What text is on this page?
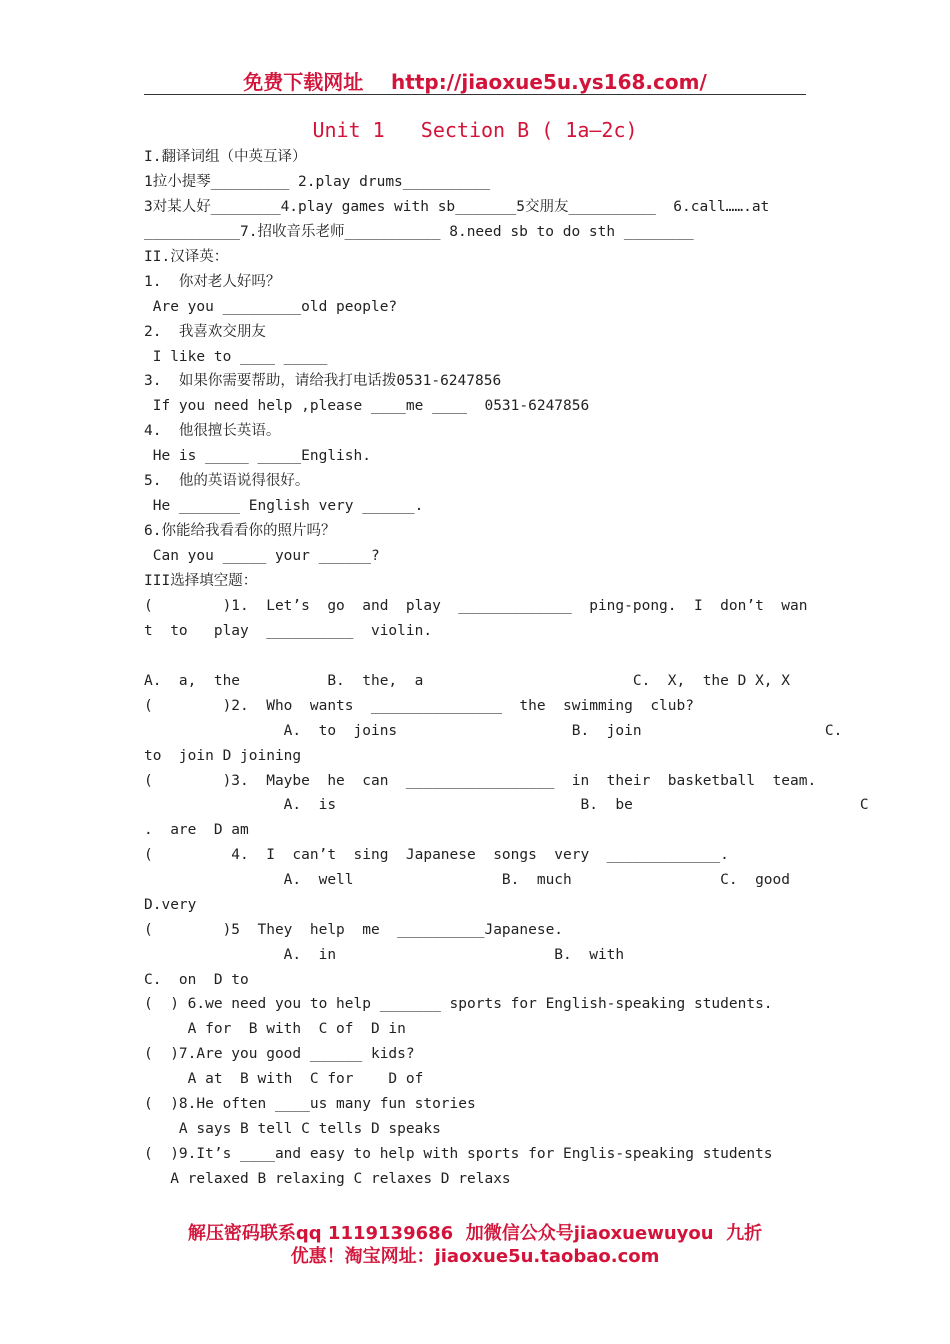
免费下载网址    http://jiaoxue5u.ys168.com/
Unit 1   Section B ( 1a—2c)
I.翻译词组（中英互译）
1拉小提琴_________ 2.play drums__________
3对某人好________4.play games with sb_______5交朋友__________  6.call…….at
___________7.招收音乐老师___________ 8.need sb to do sth ________
II.汉译英：
1.  你对老人好吗？
Are you _________old people?
2.  我喜欢交朋友
I like to ____ _____
3.  如果你需要帮助，请给我打电话拨0531-6247856
If you need help ,please ____me ____  0531-6247856
4.  他很擅长英语。
He is _____ _____English.
5.  他的英语说得很好。
He _______ English very ______.
6.你能给我看看你的照片吗？
Can you _____ your ______?
III选择填空题：
(        )1.  Let’s  go  and  play  _____________  ping-pong.  I  don’t  wan
t  to   play  __________  violin.
A.  a,  the          B.  the,  a                        C.  X,  the D X, X
(        )2.  Who  wants  _______________  the  swimming  club?
A.  to  joins                    B.  join                     C.
to  join D joining
(        )3.  Maybe  he  can  _________________  in  their  basketball  team.
A.  is                            B.  be                          C
.  are  D am
(         4.  I  can’t  sing  Japanese  songs  very  _____________.
A.  well                 B.  much                 C.  good
D.very
(        )5  They  help  me  __________Japanese.
A.  in                         B.  with
C.  on  D to
(  ) 6.we need you to help _______ sports for English-speaking students.
A for  B with  C of  D in
(  )7.Are you good ______ kids?
A at  B with  C for    D of
(  )8.He often ____us many fun stories
A says B tell C tells D speaks
(  )9.It’s ____and easy to help with sports for Englis-speaking students
A relaxed B relaxing C relaxes D relaxs
解压密码联系qq 1119139686  加微信公众号jiaoxuewuyou  九折
优惠！淘宝网址：jiaoxue5u.taobao.com
